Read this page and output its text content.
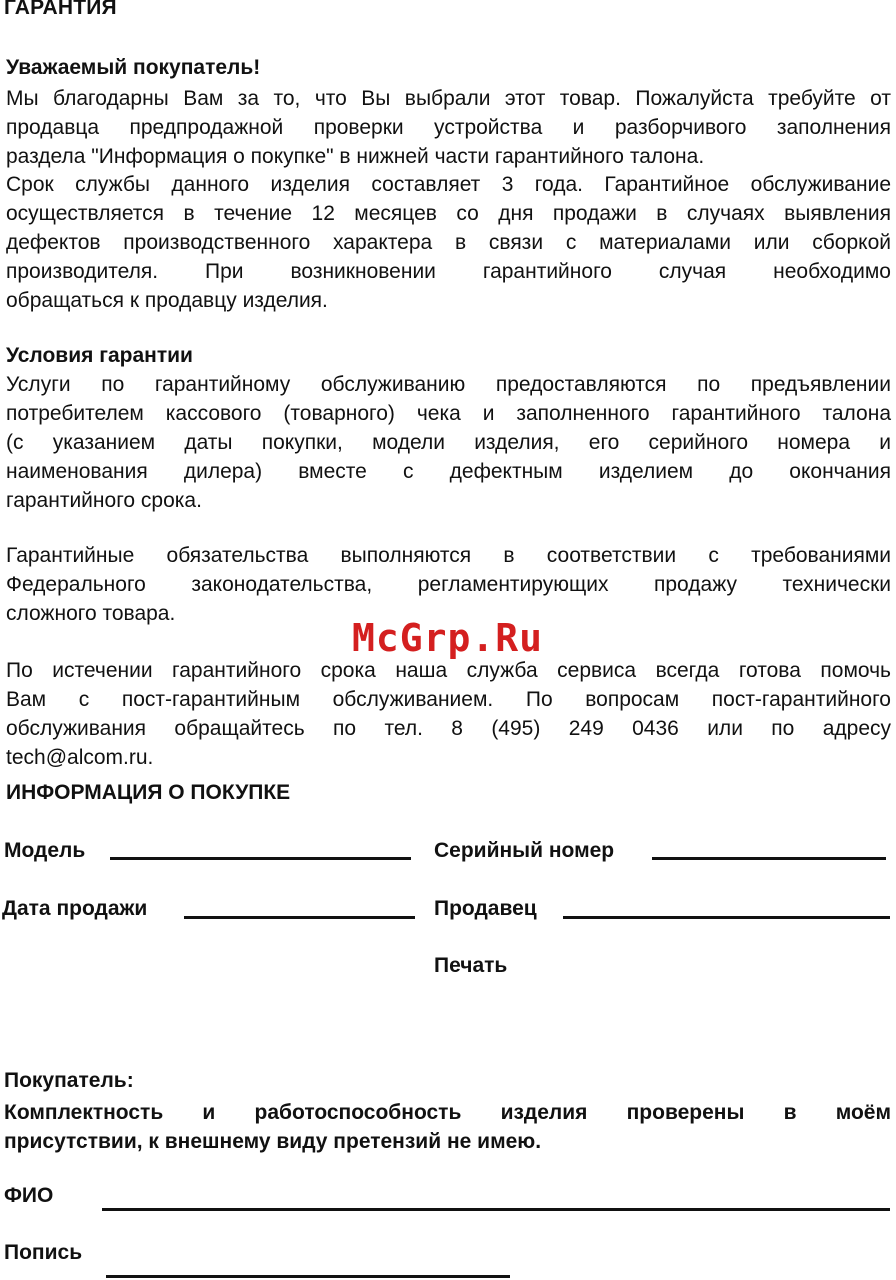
ГАРАНТИЯ
Уважаемый покупатель!
Мы благодарны Вам за то, что Вы выбрали этот товар. Пожалуйста требуйте от
продавца предпродажной проверки устройства и разборчивого заполнения
раздела "Информация о покупке" в нижней части гарантийного талона.
Срок службы данного изделия составляет 3 года. Гарантийное обслуживание
осуществляется в течение 12 месяцев со дня продажи в случаях выявления
дефектов производственного характера в связи с материалами или сборкой
производителя. При возникновении гарантийного случая необходимо
обращаться к продавцу изделия.
Условия гарантии
Услуги по гарантийному обслуживанию предоставляются по предъявлении
потребителем кассового (товарного) чека и заполненного гарантийного талона
(с указанием даты покупки, модели изделия, его серийного номера и
наименования дилера) вместе с дефектным изделием до окончания
гарантийного срока.
Гарантийные обязательства выполняются в соответствии с требованиями
Федерального законодательства, регламентирующих продажу технически
сложного товара.
McGrp.Ru
По истечении гарантийного срока наша служба сервиса всегда готова помочь
Вам с пост-гарантийным обслуживанием. По вопросам пост-гарантийного
обслуживания обращайтесь по тел. 8 (495) 249 0436 или по адресу
tech@alcom.ru.
ИНФОРМАЦИЯ О ПОКУПКЕ
Модель	Серийный номер
Дата продажи	Продавец
Печать
Покупатель:
Комплектность и работоспособность изделия проверены в моём
присутствии, к внешнему виду претензий не имею.
ФИО
Попись
